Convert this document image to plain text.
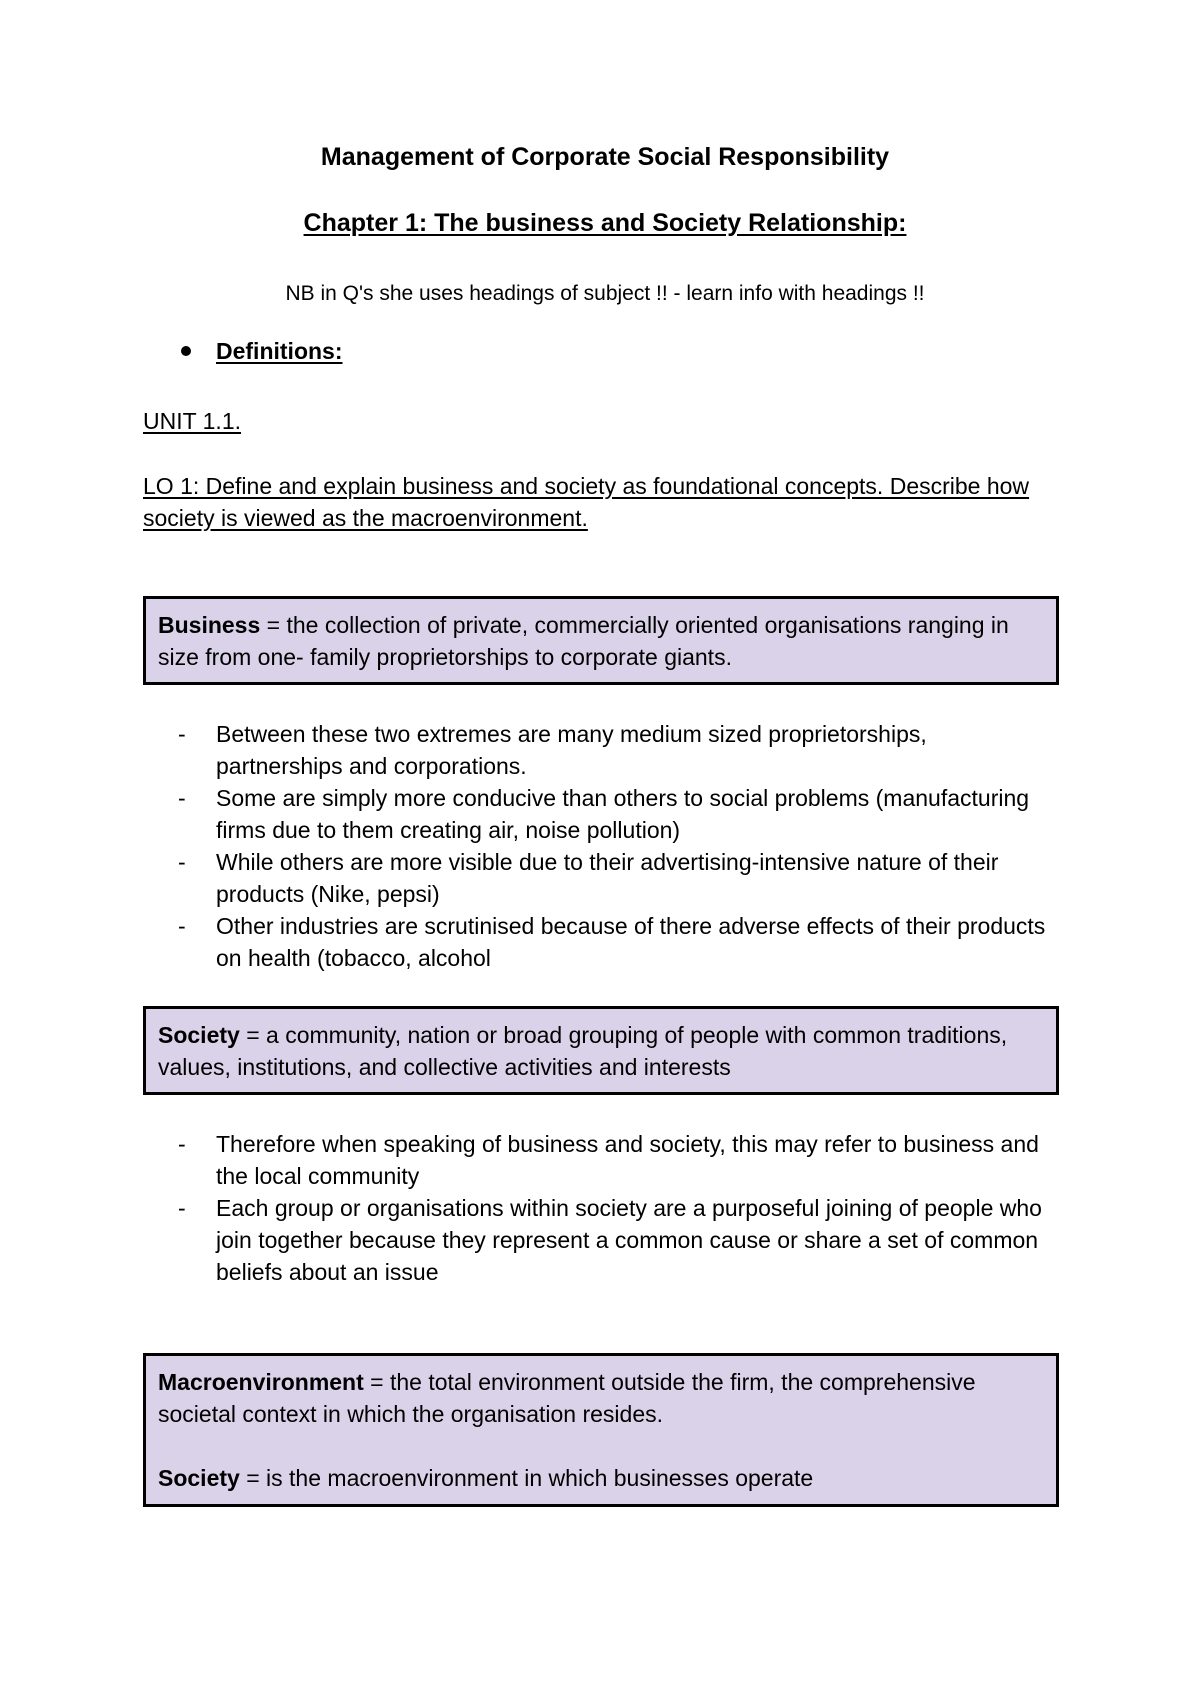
Management of Corporate Social Responsibility
Chapter 1: The business and Society Relationship:
NB in Q's she uses headings of subject !! - learn info with headings !!
Definitions:
UNIT 1.1.
LO 1: Define and explain business and society as foundational concepts. Describe how society is viewed as the macroenvironment.
Business = the collection of private, commercially oriented organisations ranging in size from one- family proprietorships to corporate giants.
- Between these two extremes are many medium sized proprietorships, partnerships and corporations.
- Some are simply more conducive than others to social problems (manufacturing firms due to them creating air, noise pollution)
- While others are more visible due to their advertising-intensive nature of their products (Nike, pepsi)
- Other industries are scrutinised because of there adverse effects of their products on health (tobacco, alcohol
Society = a community, nation or broad grouping of people with common traditions, values, institutions, and collective activities and interests
- Therefore when speaking of business and society, this may refer to business and the local community
- Each group or organisations within society are a purposeful joining of people who join together because they represent a common cause or share a set of common beliefs about an issue
Macroenvironment = the total environment outside the firm, the comprehensive societal context in which the organisation resides.
Society = is the macroenvironment in which businesses operate
